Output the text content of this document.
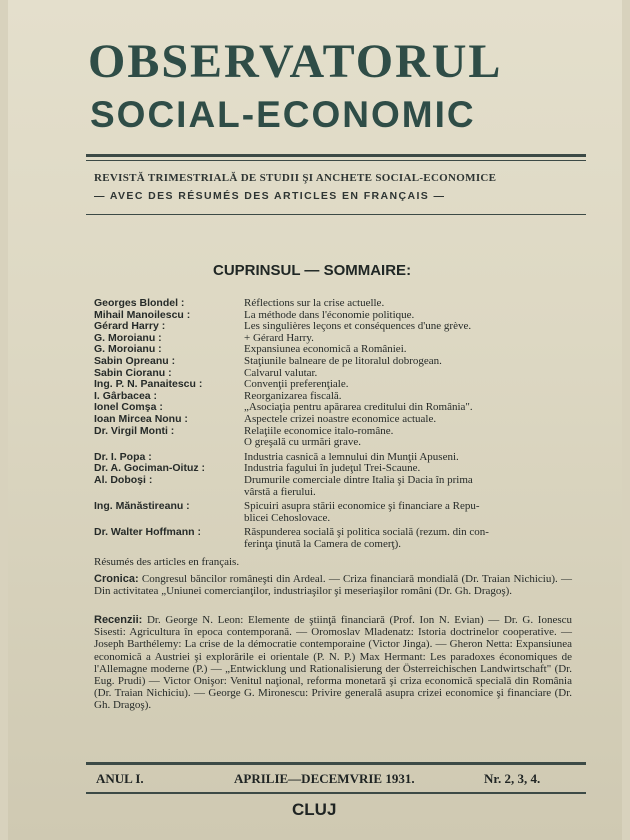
OBSERVATORUL
SOCIAL-ECONOMIC
REVISTĂ TRIMESTRIALĂ DE STUDII ŞI ANCHETE SOCIAL-ECONOMICE
— AVEC DES RÉSUMÉS DES ARTICLES EN FRANÇAIS —
CUPRINSUL — SOMMAIRE:
Georges Blondel :	Réflections sur la crise actuelle.
Mihail Manoilescu :	La méthode dans l'économie politique.
Gérard Harry :	Les singulières leçons et conséquences d'une grève.
G. Moroianu :	+ Gérard Harry.
G. Moroianu :	Expansiunea economică a României.
Sabin Opreanu :	Staţiunile balneare de pe litoralul dobrogean.
Sabin Cioranu :	Calvarul valutar.
Ing. P. N. Panaitescu :	Convenţii preferenţiale.
I. Gârbacea :	Reorganizarea fiscală.
Ionel Comşa :	„Asociaţia pentru apărarea creditului din România".
Ioan Mircea Nonu :	Aspectele crizei noastre economice actuale.
Dr. Virgil Monti :	Relaţiile economice italo-române.
O greşală cu urmări grave.
Dr. I. Popa :	Industria casnică a lemnului din Munţii Apuseni.
Dr. A. Gociman-Oituz :	Industria fagului în judeţul Trei-Scaune.
Al. Doboşi :	Drumurile comerciale dintre Italia şi Dacia în prima
vârstă a fierului.
Ing. Mănăstireanu :	Spicuiri asupra stării economice şi financiare a Repu-
blicei Cehoslovace.
Dr. Walter Hoffmann :	Răspunderea socială şi politica socială (rezum. din con-
ferinţa ţinută la Camera de comerţ).
Résumés des articles en français.
Cronica: Congresul băncilor româneşti din Ardeal. — Criza financiară mondială (Dr. Traian Nichiciu). — Din activitatea „Uniunei comercianţilor, industriaşilor şi meseriaşilor români (Dr. Gh. Dragoş).
Recenzii: Dr. George N. Leon: Elemente de ştiinţă financiară (Prof. Ion N. Evian) — Dr. G. Ionescu Sisesti: Agricultura în epoca contemporană. — Oromoslav Mladenatz: Istoria doctrinelor cooperative. — Joseph Barthélemy: La crise de la démocratie contemporaine (Victor Jinga). — Gheron Netta: Expansiunea economică a Austriei şi explorările ei orientale (P. N. P.) Max Hermant: Les paradoxes économiques de l'Allemagne moderne (P.) — „Entwicklung und Rationalisierung der Österreichischen Landwirtschaft" (Dr. Eug. Prudi) — Victor Onişor: Venitul naţional, reforma monetară şi criza economică specială din România (Dr. Traian Nichiciu). — George G. Mironescu: Privire generală asupra crizei economice şi financiare (Dr. Gh. Dragoş).
ANUL I.	APRILIE—DECEMVRIE 1931.	Nr. 2, 3, 4.
CLUJ
